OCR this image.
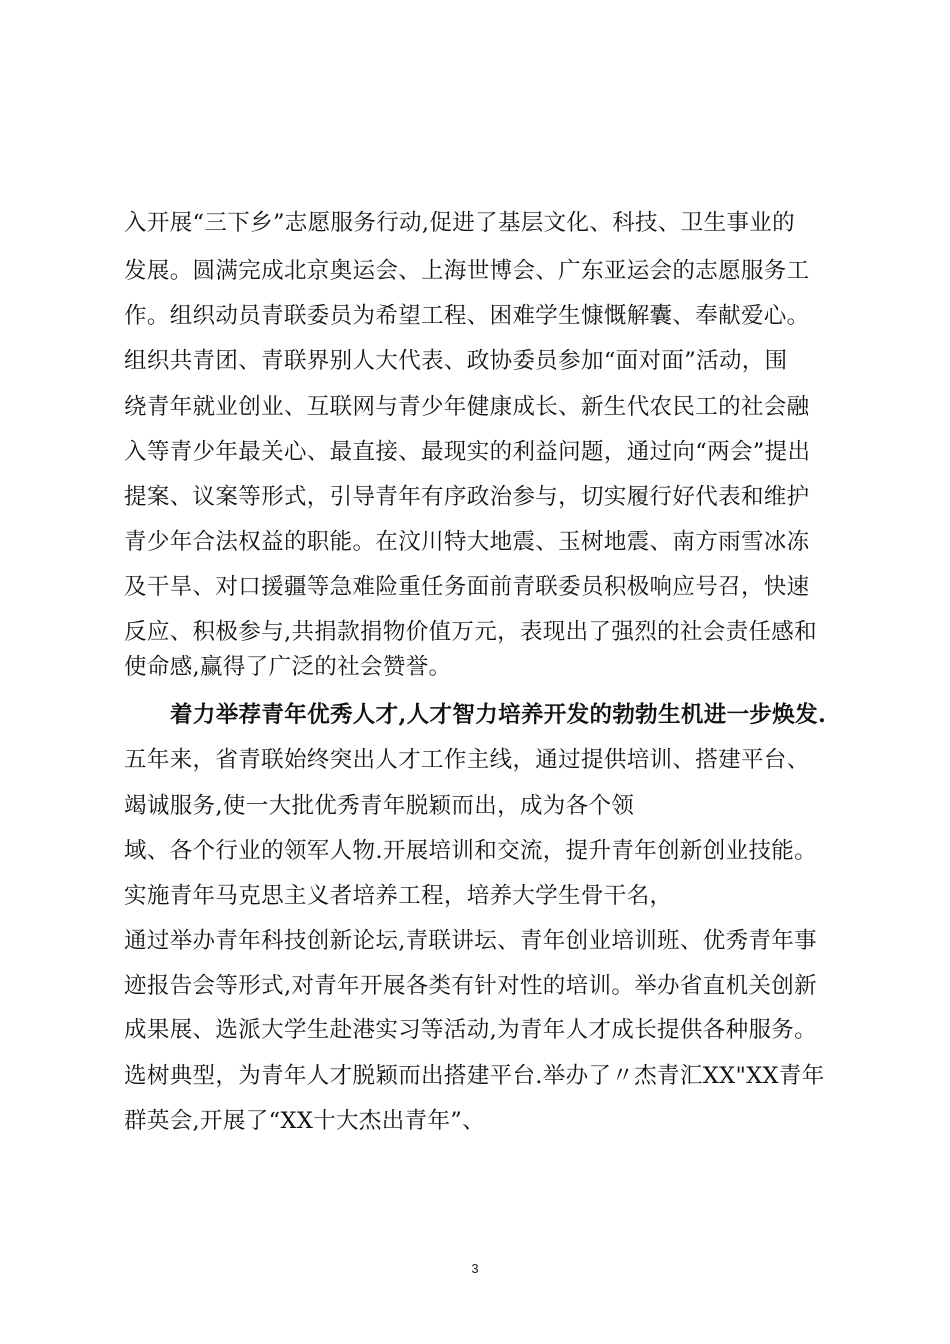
入开展“三下乡”志愿服务行动,促进了基层文化、科技、卫生事业的
发展。圆满完成北京奥运会、上海世博会、广东亚运会的志愿服务工
作。组织动员青联委员为希望工程、困难学生慷慨解囊、奉献爱心。
组织共青团、青联界别人大代表、政协委员参加“面对面”活动，围
绕青年就业创业、互联网与青少年健康成长、新生代农民工的社会融
入等青少年最关心、最直接、最现实的利益问题，通过向“两会”提出
提案、议案等形式，引导青年有序政治参与，切实履行好代表和维护
青少年合法权益的职能。在汶川特大地震、玉树地震、南方雨雪冰冻
及干旱、对口援疆等急难险重任务面前青联委员积极响应号召，快速
反应、积极参与,共捐款捐物价值万元，表现出了强烈的社会责任感和
使命感,赢得了广泛的社会赞誉。
着力举荐青年优秀人才,人才智力培养开发的勃勃生机进一步焕发.
五年来，省青联始终突出人才工作主线，通过提供培训、搭建平台、
竭诚服务,使一大批优秀青年脱颖而出，成为各个领
域、各个行业的领军人物.开展培训和交流，提升青年创新创业技能。
实施青年马克思主义者培养工程，培养大学生骨干名，
通过举办青年科技创新论坛,青联讲坛、青年创业培训班、优秀青年事
迹报告会等形式,对青年开展各类有针对性的培训。举办省直机关创新
成果展、选派大学生赴港实习等活动,为青年人才成长提供各种服务。
选树典型，为青年人才脱颖而出搭建平台.举办了〃杰青汇XX"XX青年
群英会,开展了“XX十大杰出青年”、
3
